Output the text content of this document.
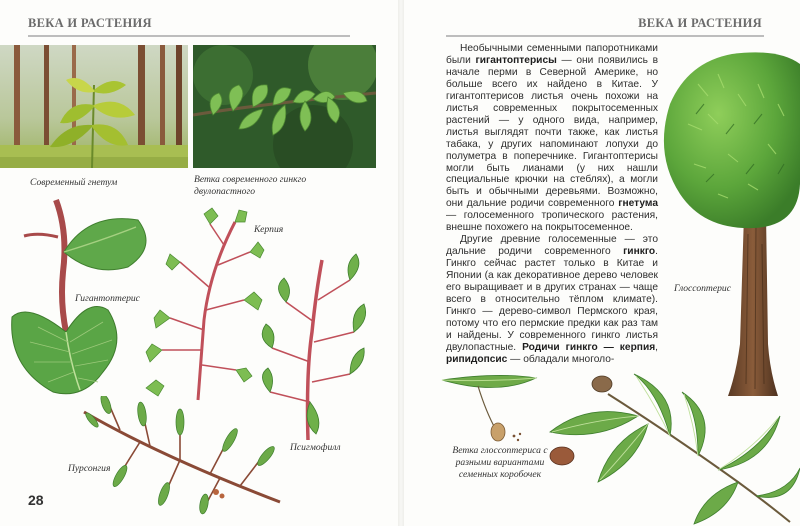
ВЕКА И РАСТЕНИЯ	ВЕКА И РАСТЕНИЯ
Современный гнетум	Ветка современного гинкго двулопастного
Гигантоптерис
Керпия
Псигмофилл
Пурсонгия
28

Необычными семенными папоротниками были гигантоптерисы — они появились в начале перми в Северной Америке, но больше всего их найдено в Китае. У гигантоптерисов листья очень похожи на листья современных покрытосеменных растений — у одного вида, например, листья выглядят почти также, как листья табака, у других напоминают лопухи до полуметра в поперечнике. Гигантоптерисы могли быть лианами (у них нашли специальные крючки на стеблях), а могли быть и обычными деревьями. Возможно, они дальние родичи современного гнетума — голосеменного тропического растения, внешне похожего на покрытосеменное.

Другие древние голосеменные — это дальние родичи современного гинкго. Гинкго сейчас растет только в Китае и Японии (а как декоративное дерево человек его выращивает и в других странах — чаще всего в относительно тёплом климате). Гинкго — дерево-символ Пермского края, потому что его пермские предки как раз там и найдены. У современного гинкго листья двулопастные. Родичи гинкго — керпия, рипидопсис — обладали многоло-

Глоссоптерис
Ветка глоссоптериса с разными вариантами семенных коробочек
